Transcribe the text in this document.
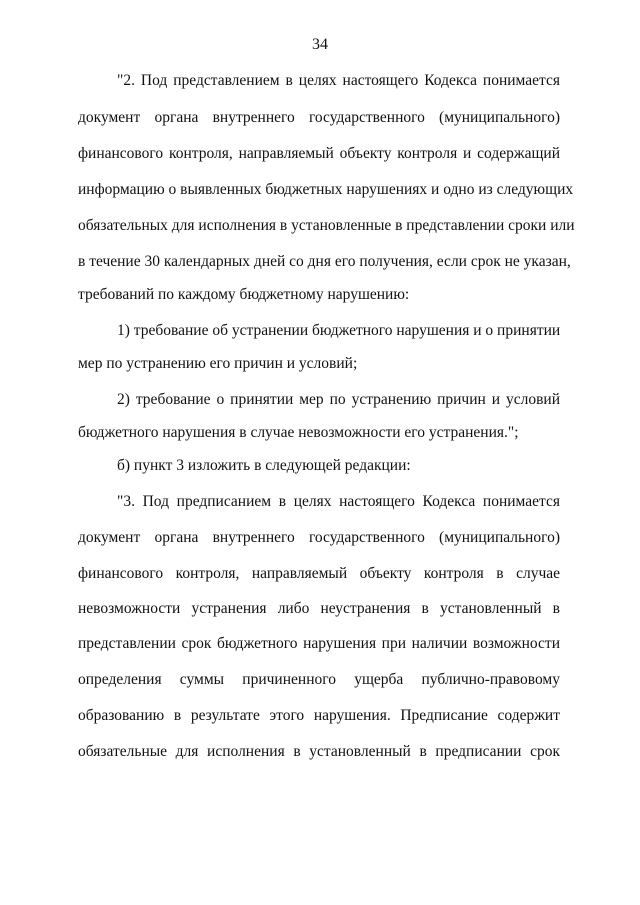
34
"2. Под представлением в целях настоящего Кодекса понимается
документ органа внутреннего государственного (муниципального)
финансового контроля, направляемый объекту контроля и содержащий
информацию о выявленных бюджетных нарушениях и одно из следующих
обязательных для исполнения в установленные в представлении сроки или
в течение 30 календарных дней со дня его получения, если срок не указан,
требований по каждому бюджетному нарушению:
1) требование об устранении бюджетного нарушения и о принятии
мер по устранению его причин и условий;
2) требование о принятии мер по устранению причин и условий
бюджетного нарушения в случае невозможности его устранения.";
б) пункт 3 изложить в следующей редакции:
"3. Под предписанием в целях настоящего Кодекса понимается
документ органа внутреннего государственного (муниципального)
финансового контроля, направляемый объекту контроля в случае
невозможности устранения либо неустранения в установленный в
представлении срок бюджетного нарушения при наличии возможности
определения суммы причиненного ущерба публично-правовому
образованию в результате этого нарушения. Предписание содержит
обязательные для исполнения в установленный в предписании срок
